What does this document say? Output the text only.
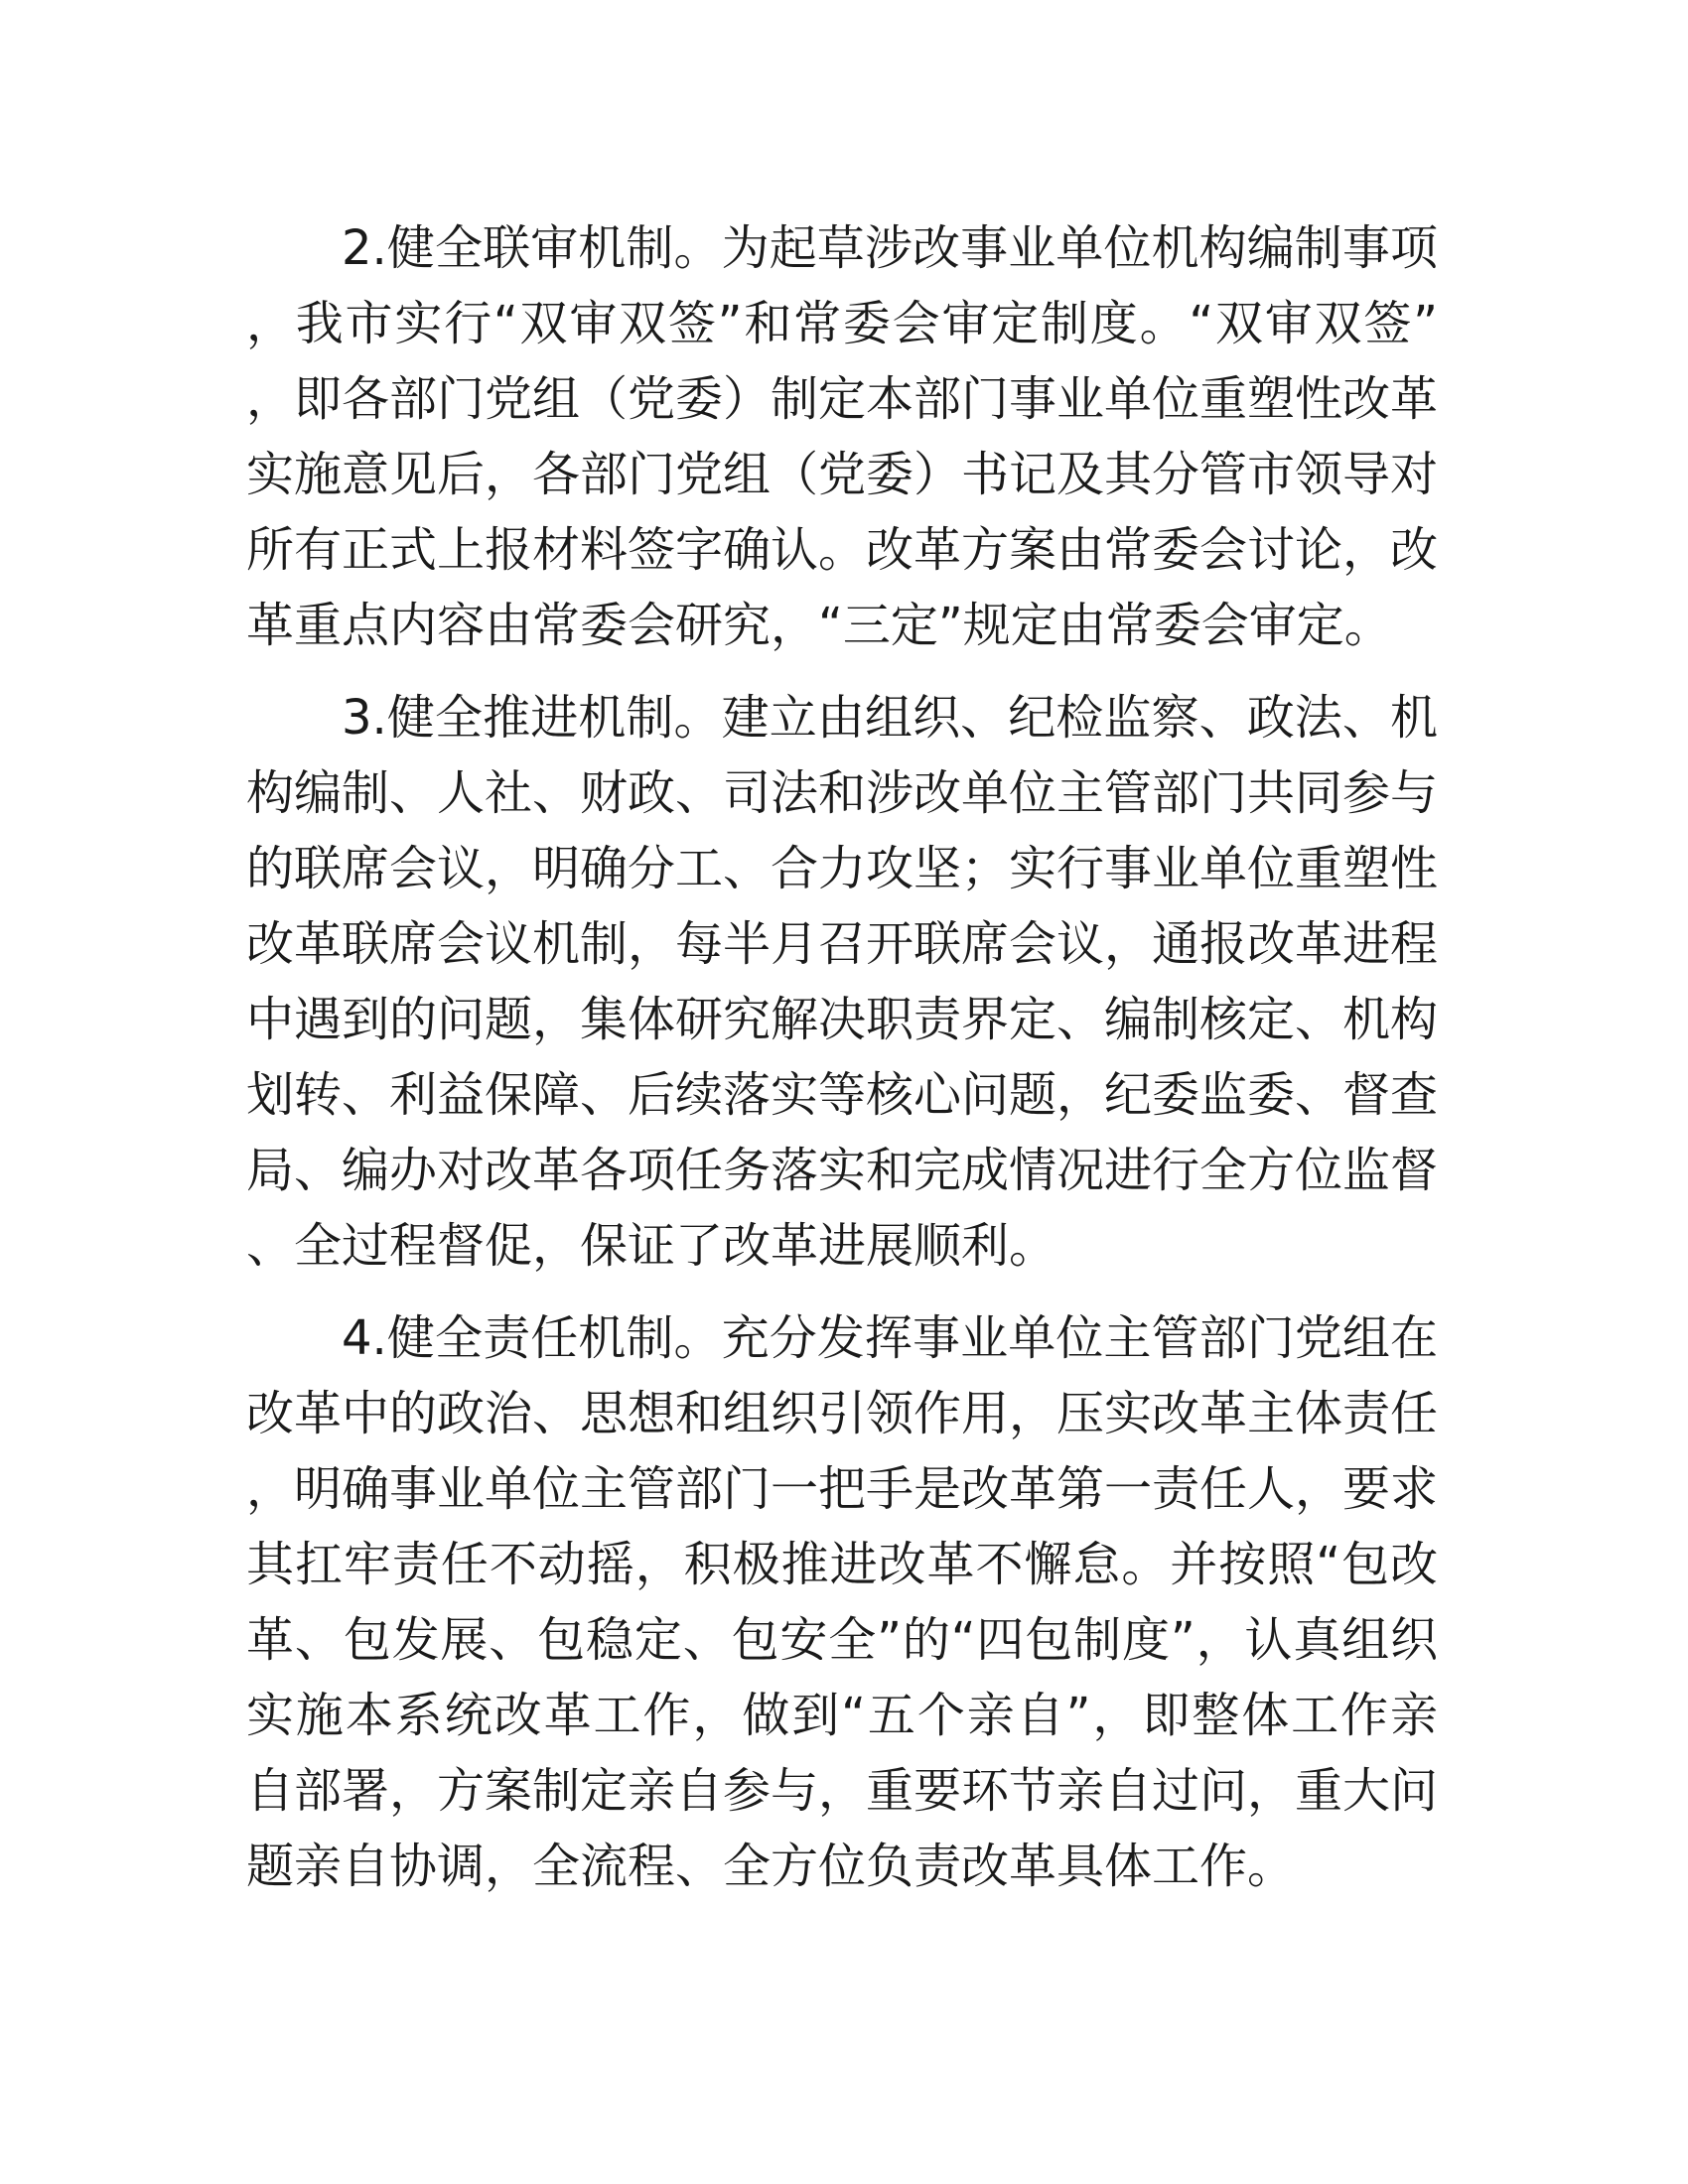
2.健全联审机制。为起草涉改事业单位机构编制事项，我市实行“双审双签”和常委会审定制度。“双审双签”，即各部门党组（党委）制定本部门事业单位重塑性改革实施意见后，各部门党组（党委）书记及其分管市领导对所有正式上报材料签字确认。改革方案由常委会讨论，改革重点内容由常委会研究，“三定”规定由常委会审定。

3.健全推进机制。建立由组织、纪检监察、政法、机构编制、人社、财政、司法和涉改单位主管部门共同参与的联席会议，明确分工、合力攻坚；实行事业单位重塑性改革联席会议机制，每半月召开联席会议，通报改革进程中遇到的问题，集体研究解决职责界定、编制核定、机构划转、利益保障、后续落实等核心问题，纪委监委、督查局、编办对改革各项任务落实和完成情况进行全方位监督、全过程督促，保证了改革进展顺利。

4.健全责任机制。充分发挥事业单位主管部门党组在改革中的政治、思想和组织引领作用，压实改革主体责任，明确事业单位主管部门一把手是改革第一责任人，要求其扛牢责任不动摇，积极推进改革不懈怠。并按照“包改革、包发展、包稳定、包安全”的“四包制度”，认真组织实施本系统改革工作，做到“五个亲自”，即整体工作亲自部署，方案制定亲自参与，重要环节亲自过问，重大问题亲自协调，全流程、全方位负责改革具体工作。
